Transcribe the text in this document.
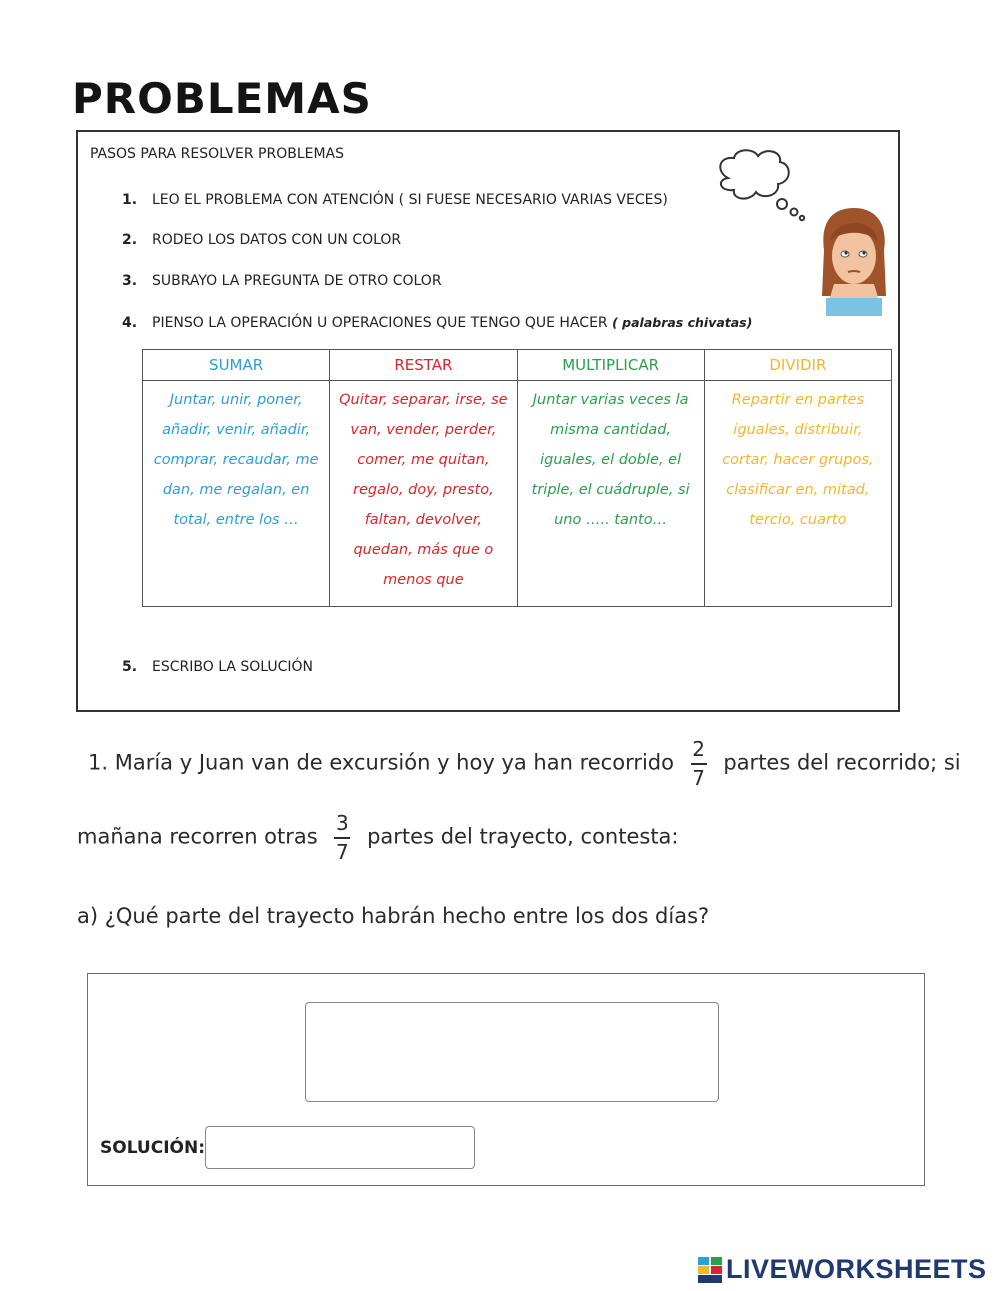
PROBLEMAS
PASOS PARA RESOLVER PROBLEMAS
1. LEO EL PROBLEMA CON ATENCIÓN ( SI FUESE NECESARIO VARIAS VECES)
2. RODEO LOS DATOS CON UN COLOR
3. SUBRAYO LA PREGUNTA DE OTRO COLOR
4. PIENSO LA OPERACIÓN U OPERACIONES QUE TENGO QUE HACER ( palabras chivatas)
5. ESCRIBO LA SOLUCIÓN
SUMAR	RESTAR	MULTIPLICAR	DIVIDIR
Juntar, unir, poner, añadir, venir, añadir, comprar, recaudar, me dan, me regalan, en total, entre los …	Quitar, separar, irse, se van, vender, perder, comer, me quitan, regalo, doy, presto, faltan, devolver, quedan, más que o menos que	Juntar varias veces la misma cantidad, iguales, el doble, el triple, el cuádruple, si uno ….. tanto…	Repartir en partes iguales, distribuir, cortar, hacer grupos, clasificar en, mitad, tercio, cuarto
1. María y Juan van de excursión y hoy ya han recorrido $\frac{2}{7}$ partes del recorrido; si
mañana recorren otras $\frac{3}{7}$ partes del trayecto, contesta:
a) ¿Qué parte del trayecto habrán hecho entre los dos días?
SOLUCIÓN:
LIVEWORKSHEETS
